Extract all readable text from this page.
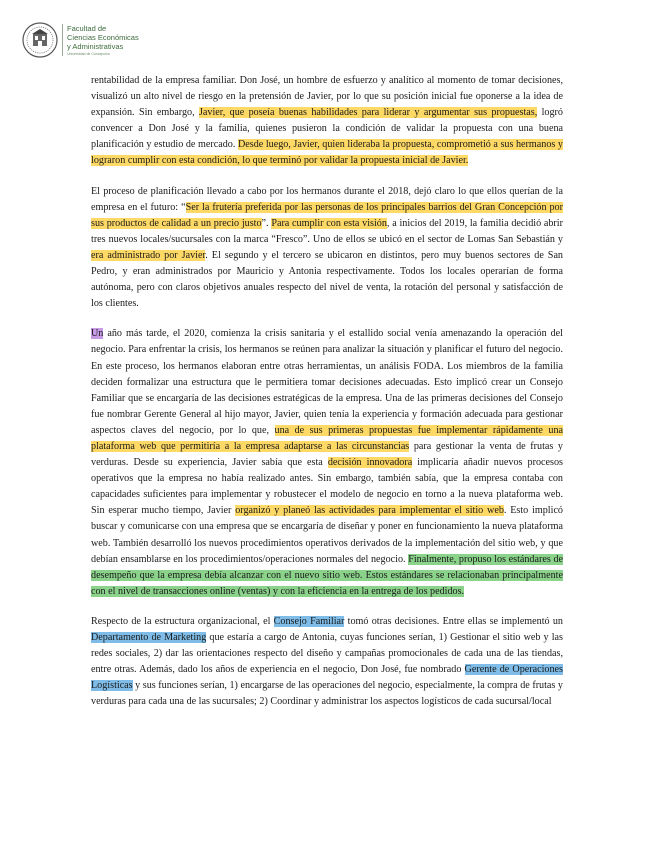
Facultad de
Ciencias Económicas
y Administrativas
Universidad de Concepción

rentabilidad de la empresa familiar. Don José, un hombre de esfuerzo y analítico al momento de tomar decisiones, visualizó un alto nivel de riesgo en la pretensión de Javier, por lo que su posición inicial fue oponerse a la idea de expansión. Sin embargo, Javier, que poseía buenas habilidades para liderar y argumentar sus propuestas, logró convencer a Don José y la familia, quienes pusieron la condición de validar la propuesta con una buena planificación y estudio de mercado. Desde luego, Javier, quien lideraba la propuesta, comprometió a sus hermanos y lograron cumplir con esta condición, lo que terminó por validar la propuesta inicial de Javier.

El proceso de planificación llevado a cabo por los hermanos durante el 2018, dejó claro lo que ellos querían de la empresa en el futuro: “Ser la frutería preferida por las personas de los principales barrios del Gran Concepción por sus productos de calidad a un precio justo”. Para cumplir con esta visión, a inicios del 2019, la familia decidió abrir tres nuevos locales/sucursales con la marca “Fresco”. Uno de ellos se ubicó en el sector de Lomas San Sebastián y era administrado por Javier. El segundo y el tercero se ubicaron en distintos, pero muy buenos sectores de San Pedro, y eran administrados por Mauricio y Antonia respectivamente. Todos los locales operarían de forma autónoma, pero con claros objetivos anuales respecto del nivel de venta, la rotación del personal y satisfacción de los clientes.

Un año más tarde, el 2020, comienza la crisis sanitaria y el estallido social venía amenazando la operación del negocio. Para enfrentar la crisis, los hermanos se reúnen para analizar la situación y planificar el futuro del negocio. En este proceso, los hermanos elaboran entre otras herramientas, un análisis FODA. Los miembros de la familia deciden formalizar una estructura que le permitiera tomar decisiones adecuadas. Esto implicó crear un Consejo Familiar que se encargaría de las decisiones estratégicas de la empresa. Una de las primeras decisiones del Consejo fue nombrar Gerente General al hijo mayor, Javier, quien tenía la experiencia y formación adecuada para gestionar aspectos claves del negocio, por lo que, una de sus primeras propuestas fue implementar rápidamente una plataforma web que permitiría a la empresa adaptarse a las circunstancias para gestionar la venta de frutas y verduras. Desde su experiencia, Javier sabía que esta decisión innovadora implicaría añadir nuevos procesos operativos que la empresa no había realizado antes. Sin embargo, también sabía, que la empresa contaba con capacidades suficientes para implementar y robustecer el modelo de negocio en torno a la nueva plataforma web. Sin esperar mucho tiempo, Javier organizó y planeó las actividades para implementar el sitio web. Esto implicó buscar y comunicarse con una empresa que se encargaría de diseñar y poner en funcionamiento la nueva plataforma web. También desarrolló los nuevos procedimientos operativos derivados de la implementación del sitio web, y que debían ensamblarse en los procedimientos/operaciones normales del negocio. Finalmente, propuso los estándares de desempeño que la empresa debía alcanzar con el nuevo sitio web. Estos estándares se relacionaban principalmente con el nivel de transacciones online (ventas) y con la eficiencia en la entrega de los pedidos.

Respecto de la estructura organizacional, el Consejo Familiar tomó otras decisiones. Entre ellas se implementó un Departamento de Marketing que estaría a cargo de Antonia, cuyas funciones serían, 1) Gestionar el sitio web y las redes sociales, 2) dar las orientaciones respecto del diseño y campañas promocionales de cada una de las tiendas, entre otras. Además, dado los años de experiencia en el negocio, Don José, fue nombrado Gerente de Operaciones Logísticas y sus funciones serían, 1) encargarse de las operaciones del negocio, especialmente, la compra de frutas y verduras para cada una de las sucursales; 2) Coordinar y administrar los aspectos logísticos de cada sucursal/local
